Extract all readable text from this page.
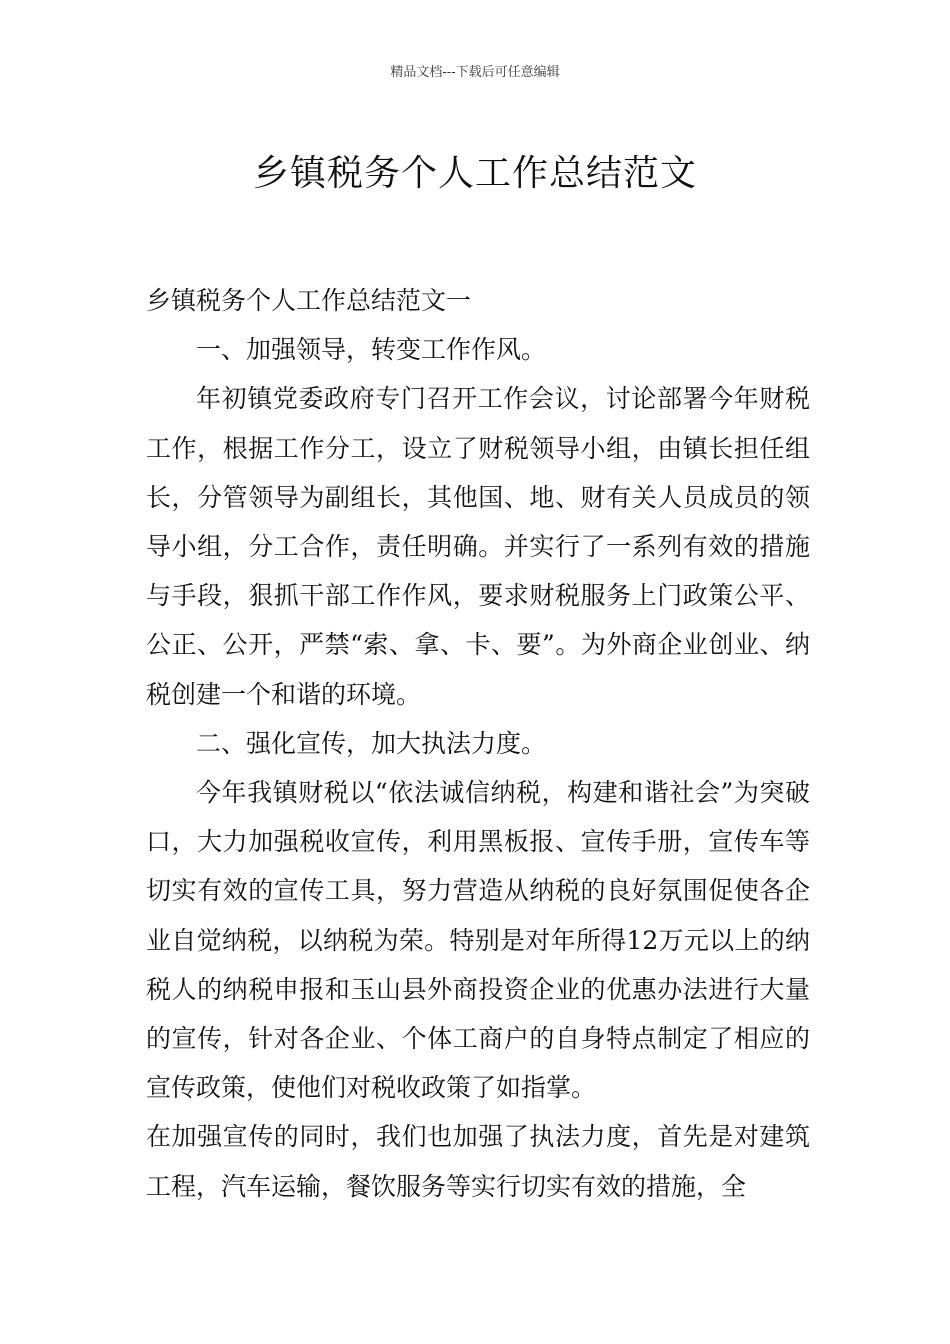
精品文档---下载后可任意编辑
乡镇税务个人工作总结范文

乡镇税务个人工作总结范文一

一、加强领导，转变工作作风。

年初镇党委政府专门召开工作会议，讨论部署今年财税工作，根据工作分工，设立了财税领导小组，由镇长担任组长，分管领导为副组长，其他国、地、财有关人员成员的领导小组，分工合作，责任明确。并实行了一系列有效的措施与手段，狠抓干部工作作风，要求财税服务上门政策公平、公正、公开，严禁“索、拿、卡、要”。为外商企业创业、纳税创建一个和谐的环境。

二、强化宣传，加大执法力度。

今年我镇财税以“依法诚信纳税，构建和谐社会”为突破口，大力加强税收宣传，利用黑板报、宣传手册，宣传车等切实有效的宣传工具，努力营造从纳税的良好氛围促使各企业自觉纳税，以纳税为荣。特别是对年所得12万元以上的纳税人的纳税申报和玉山县外商投资企业的优惠办法进行大量的宣传，针对各企业、个体工商户的自身特点制定了相应的宣传政策，使他们对税收政策了如指掌。

在加强宣传的同时，我们也加强了执法力度，首先是对建筑工程，汽车运输，餐饮服务等实行切实有效的措施，全
